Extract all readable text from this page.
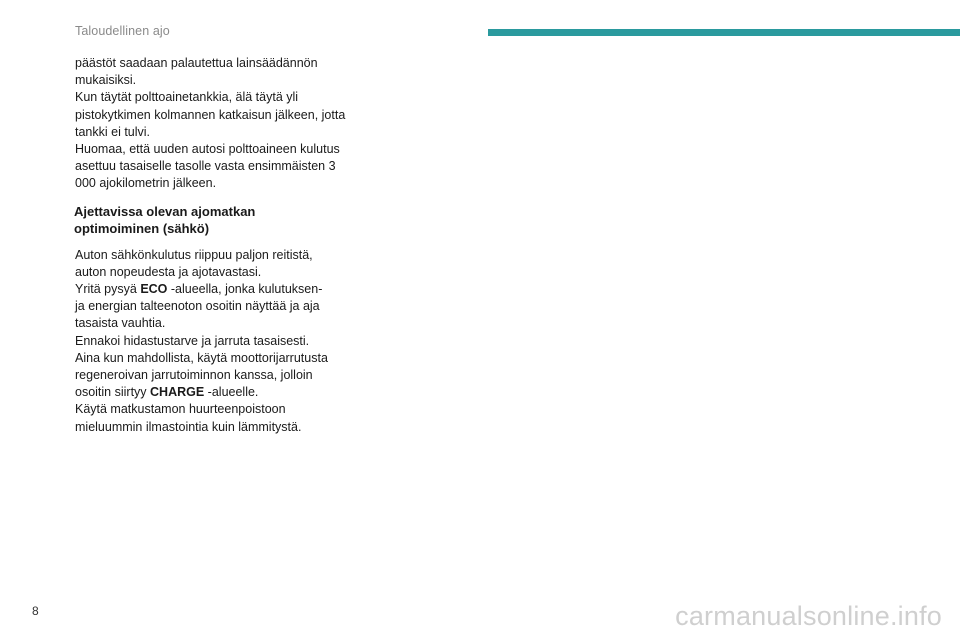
Taloudellinen ajo

päästöt saadaan palautettua lainsäädännön

mukaisiksi.

Kun täytät polttoainetankkia, älä täytä yli

pistokytkimen kolmannen katkaisun jälkeen, jotta

tankki ei tulvi.

Huomaa, että uuden autosi polttoaineen kulutus

asettuu tasaiselle tasolle vasta ensimmäisten 3

000 ajokilometrin jälkeen.

Ajettavissa olevan ajomatkan
optimoiminen (sähkö)

Auton sähkönkulutus riippuu paljon reitistä,

auton nopeudesta ja ajotavastasi.

Yritä pysyä ECO -alueella, jonka kulutuksen-

ja energian talteenoton osoitin näyttää ja aja

tasaista vauhtia.

Ennakoi hidastustarve ja jarruta tasaisesti.

Aina kun mahdollista, käytä moottorijarrutusta

regeneroivan jarrutoiminnon kanssa, jolloin

osoitin siirtyy CHARGE -alueelle.

Käytä matkustamon huurteenpoistoon

mieluummin ilmastointia kuin lämmitystä.

8	carmanualsonline.info
